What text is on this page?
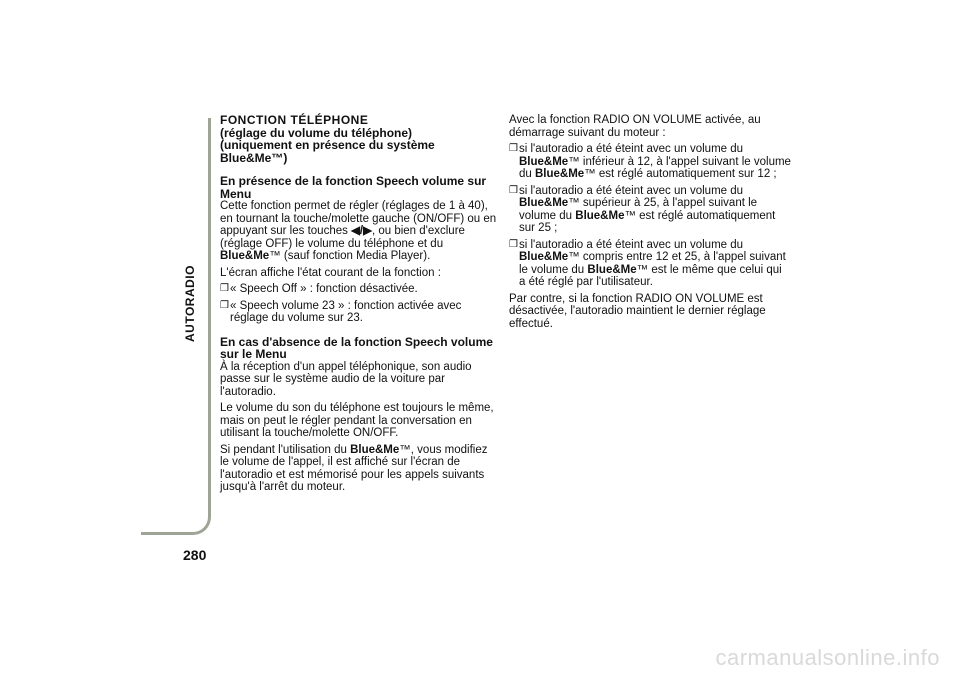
AUTORADIO
280
FONCTION TÉLÉPHONE
(réglage du volume du téléphone)
(uniquement en présence du système Blue&Me™)
En présence de la fonction Speech volume sur Menu

Cette fonction permet de régler (réglages de 1 à 40), en tournant la touche/molette gauche (ON/OFF) ou en appuyant sur les touches ◀/▶, ou bien d'exclure (réglage OFF) le volume du téléphone et du Blue&Me™ (sauf fonction Media Player).

L'écran affiche l'état courant de la fonction :

❒ « Speech Off » : fonction désactivée.
❒ « Speech volume 23 » : fonction activée avec réglage du volume sur 23.
En cas d'absence de la fonction Speech volume
sur le Menu

À la réception d'un appel téléphonique, son audio passe sur le système audio de la voiture par l'autoradio.

Le volume du son du téléphone est toujours le même, mais on peut le régler pendant la conversation en utilisant la touche/molette ON/OFF.

Si pendant l'utilisation du Blue&Me™, vous modifiez le volume de l'appel, il est affiché sur l'écran de l'autoradio et est mémorisé pour les appels suivants jusqu'à l'arrêt du moteur.

Avec la fonction RADIO ON VOLUME activée, au démarrage suivant du moteur :

❒ si l'autoradio a été éteint avec un volume du Blue&Me™ inférieur à 12, à l'appel suivant le volume du Blue&Me™ est réglé automatiquement sur 12 ;
❒ si l'autoradio a été éteint avec un volume du Blue&Me™ supérieur à 25, à l'appel suivant le volume du Blue&Me™ est réglé automatiquement sur 25 ;
❒ si l'autoradio a été éteint avec un volume du Blue&Me™ compris entre 12 et 25, à l'appel suivant le volume du Blue&Me™ est le même que celui qui a été réglé par l'utilisateur.

Par contre, si la fonction RADIO ON VOLUME est désactivée, l'autoradio maintient le dernier réglage effectué.

carmanualsonline.info
